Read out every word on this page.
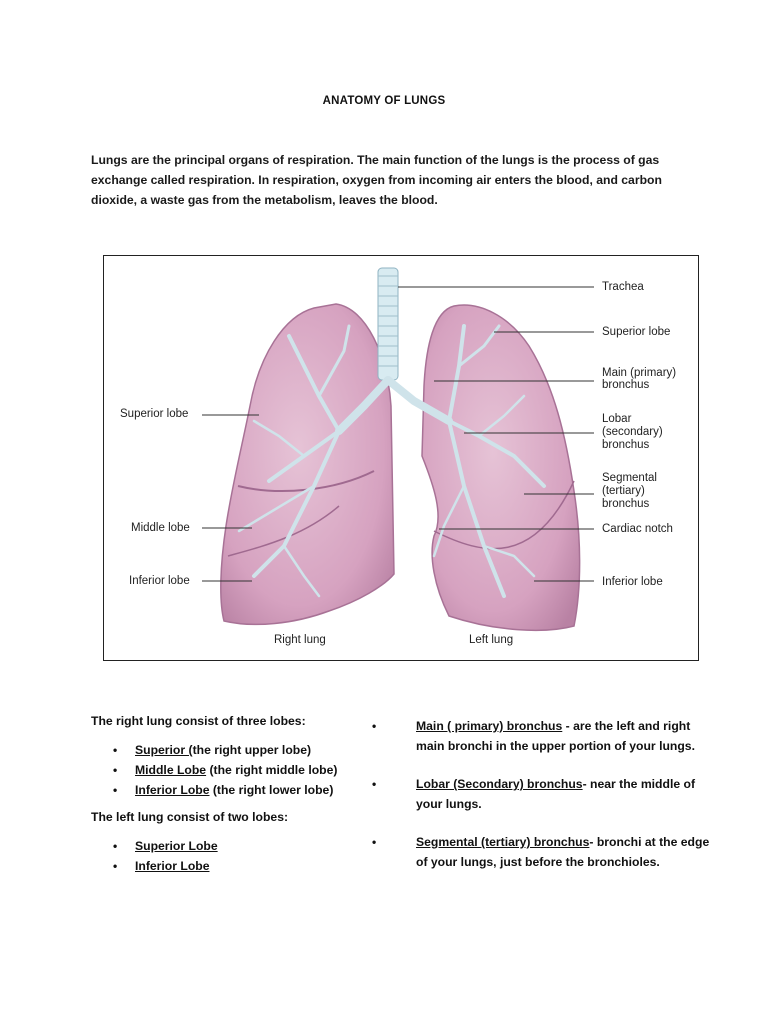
ANATOMY OF LUNGS
Lungs are the principal organs of respiration. The main function of the lungs is the process of gas exchange called respiration. In respiration, oxygen from incoming air enters the blood, and carbon dioxide, a waste gas from the metabolism, leaves the blood.
Trachea
Superior lobe
Main (primary)
bronchus
Lobar
(secondary)
bronchus
Segmental
(tertiary)
bronchus
Cardiac notch
Inferior lobe
Superior lobe
Middle lobe
Inferior lobe
Right lung	Left lung

The right lung consist of three lobes:

• Superior (the right upper lobe)
• Middle Lobe (the right middle lobe)
• Inferior Lobe (the right lower lobe)

The left lung consist of two lobes:

• Superior Lobe
• Inferior Lobe
•	Main ( primary) bronchus - are the left and right main bronchi in the upper portion of your lungs.
•	Lobar (Secondary) bronchus- near the middle of your lungs.
•	Segmental (tertiary) bronchus- bronchi at the edge of your lungs, just before the bronchioles.
